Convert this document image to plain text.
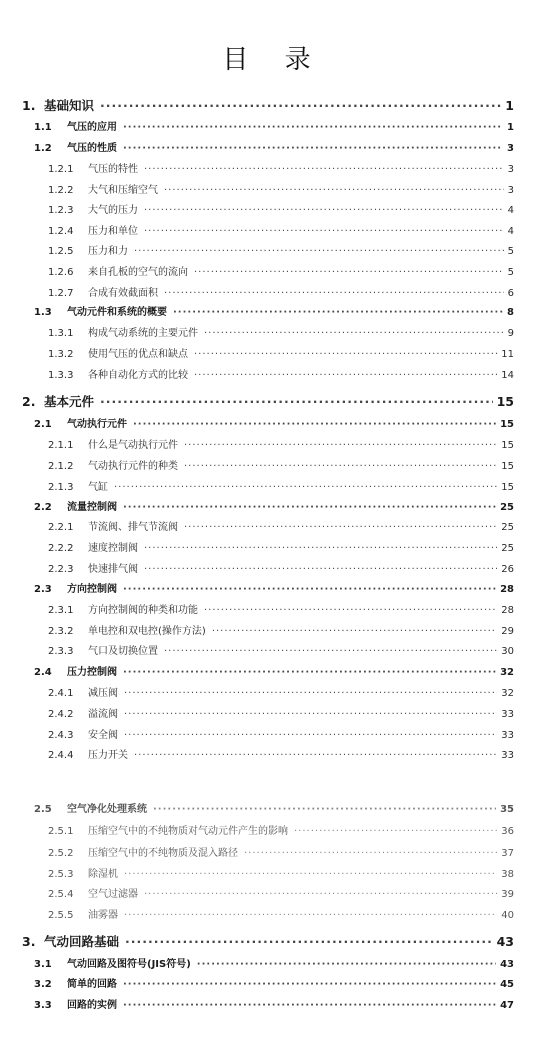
目 录
1. 基础知识 ·····	1
1.1	气压的应用 ·····	1
1.2	气压的性质 ·····	3
1.2.1	气压的特性 ·····	3
1.2.2	大气和压缩空气 ·····	3
1.2.3	大气的压力 ·····	4
1.2.4	压力和单位 ·····	4
1.2.5	压力和力 ·····	5
1.2.6	来自孔板的空气的流向 ·····	5
1.2.7	合成有效截面积 ·····	6
1.3	气动元件和系统的概要 ·····	8
1.3.1	构成气动系统的主要元件 ·····	9
1.3.2	使用气压的优点和缺点 ·····	11
1.3.3	各种自动化方式的比较 ·····	14
2. 基本元件 ·····	15
2.1	气动执行元件 ·····	15
2.1.1	什么是气动执行元件 ·····	15
2.1.2	气动执行元件的种类 ·····	15
2.1.3	气缸 ·····	15
2.2	流量控制阀 ·····	25
2.2.1	节流阀、排气节流阀 ·····	25
2.2.2	速度控制阀 ·····	25
2.2.3	快速排气阀 ·····	26
2.3	方向控制阀 ·····	28
2.3.1	方向控制阀的种类和功能 ·····	28
2.3.2	单电控和双电控(操作方法) ·····	29
2.3.3	气口及切换位置 ·····	30
2.4	压力控制阀 ·····	32
2.4.1	减压阀 ·····	32
2.4.2	溢流阀 ·····	33
2.4.3	安全阀 ·····	33
2.4.4	压力开关 ·····	33
2.5	空气净化处理系统 ·····	35
2.5.1	压缩空气中的不纯物质对气动元件产生的影响 ·····	36
2.5.2	压缩空气中的不纯物质及混入路径 ·····	37
2.5.3	除湿机 ·····	38
2.5.4	空气过滤器 ·····	39
2.5.5	油雾器 ·····	40
3. 气动回路基础 ·····	43
3.1	气动回路及图符号(JIS符号) ·····	43
3.2	简单的回路 ·····	45
3.3	回路的实例 ·····	47
